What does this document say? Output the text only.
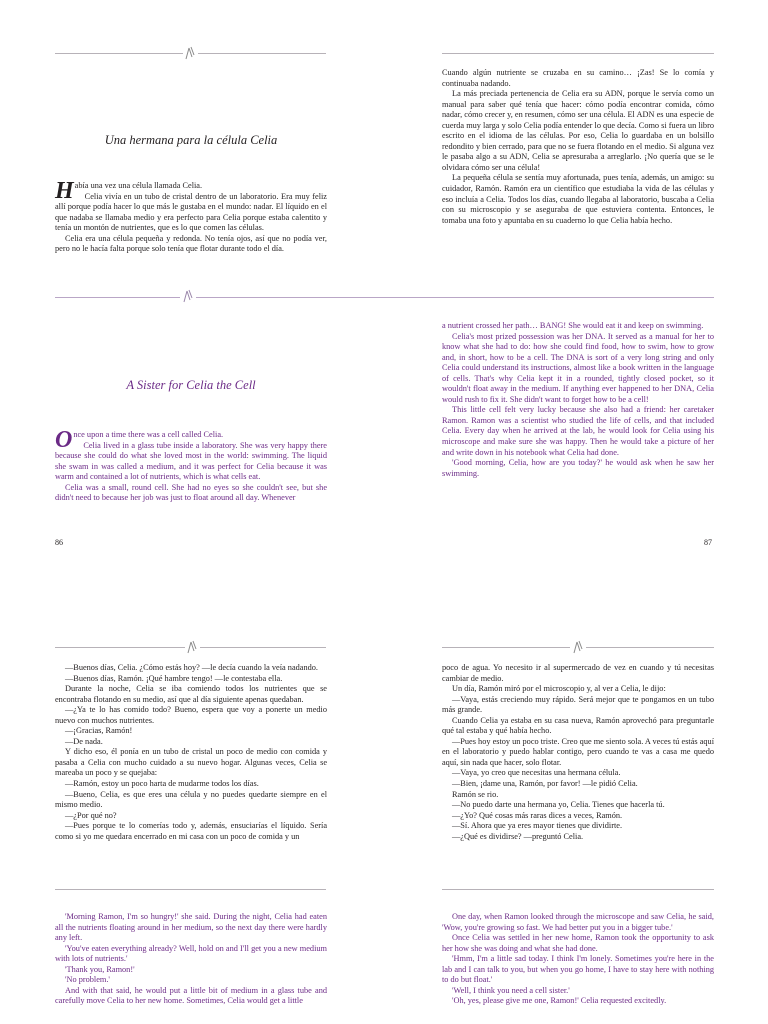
Una hermana para la célula Celia

Había una vez una célula llamada Celia.

Celia vivía en un tubo de cristal dentro de un laboratorio. Era muy feliz allí porque podía hacer lo que más le gustaba en el mundo: nadar. El líquido en el que nadaba se llamaba medio y era perfecto para Celia porque estaba calentito y tenía un montón de nutrientes, que es lo que comen las células.

Celia era una célula pequeña y redonda. No tenía ojos, así que no podía ver, pero no le hacía falta porque solo tenía que flotar durante todo el día.

Cuando algún nutriente se cruzaba en su camino… ¡Zas! Se lo comía y continuaba nadando.

La más preciada pertenencia de Celia era su ADN, porque le servía como un manual para saber qué tenía que hacer: cómo podía encontrar comida, cómo nadar, cómo crecer y, en resumen, cómo ser una célula. El ADN es una especie de cuerda muy larga y solo Celia podía entender lo que decía. Como si fuera un libro escrito en el idioma de las células. Por eso, Celia lo guardaba en un bolsillo redondito y bien cerrado, para que no se fuera flotando en el medio. Si alguna vez le pasaba algo a su ADN, Celia se apresuraba a arreglarlo. ¡No quería que se le olvidara cómo ser una célula!

La pequeña célula se sentía muy afortunada, pues tenía, además, un amigo: su cuidador, Ramón. Ramón era un científico que estudiaba la vida de las células y eso incluía a Celia. Todos los días, cuando llegaba al laboratorio, buscaba a Celia con su microscopio y se aseguraba de que estuviera contenta. Entonces, le tomaba una foto y apuntaba en su cuaderno lo que Celia había hecho.

A Sister for Celia the Cell

Once upon a time there was a cell called Celia.

Celia lived in a glass tube inside a laboratory. She was very happy there because she could do what she loved most in the world: swimming. The liquid she swam in was called a medium, and it was perfect for Celia because it was warm and contained a lot of nutrients, which is what cells eat.

Celia was a small, round cell. She had no eyes so she couldn't see, but she didn't need to because her job was just to float around all day. Whenever

a nutrient crossed her path… BANG! She would eat it and keep on swimming.

Celia's most prized possession was her DNA. It served as a manual for her to know what she had to do: how she could find food, how to swim, how to grow and, in short, how to be a cell. The DNA is sort of a very long string and only Celia could understand its instructions, almost like a book written in the language of cells. That's why Celia kept it in a rounded, tightly closed pocket, so it wouldn't float away in the medium. If anything ever happened to her DNA, Celia would rush to fix it. She didn't want to forget how to be a cell!

This little cell felt very lucky because she also had a friend: her caretaker Ramon. Ramon was a scientist who studied the life of cells, and that included Celia. Every day when he arrived at the lab, he would look for Celia using his microscope and make sure she was happy. Then he would take a picture of her and write down in his notebook what Celia had done.

'Good morning, Celia, how are you today?' he would ask when he saw her swimming.

86	87

—Buenos días, Celia. ¿Cómo estás hoy? —le decía cuando la veía nadando.

—Buenos días, Ramón. ¡Qué hambre tengo! —le contestaba ella.

Durante la noche, Celia se iba comiendo todos los nutrientes que se encontraba flotando en su medio, así que al día siguiente apenas quedaban.

—¿Ya te lo has comido todo? Bueno, espera que voy a ponerte un medio nuevo con muchos nutrientes.

—¡Gracias, Ramón!

—De nada.

Y dicho eso, él ponía en un tubo de cristal un poco de medio con comida y pasaba a Celia con mucho cuidado a su nuevo hogar. Algunas veces, Celia se mareaba un poco y se quejaba:

—Ramón, estoy un poco harta de mudarme todos los días.

—Bueno, Celia, es que eres una célula y no puedes quedarte siempre en el mismo medio.

—¿Por qué no?

—Pues porque te lo comerías todo y, además, ensuciarías el líquido. Sería como si yo me quedara encerrado en mi casa con un poco de comida y un

poco de agua. Yo necesito ir al supermercado de vez en cuando y tú necesitas cambiar de medio.

Un día, Ramón miró por el microscopio y, al ver a Celia, le dijo:

—Vaya, estás creciendo muy rápido. Será mejor que te pongamos en un tubo más grande.

Cuando Celia ya estaba en su casa nueva, Ramón aprovechó para preguntarle qué tal estaba y qué había hecho.

—Pues hoy estoy un poco triste. Creo que me siento sola. A veces tú estás aquí en el laboratorio y puedo hablar contigo, pero cuando te vas a casa me quedo aquí, sin nada que hacer, solo flotar.

—Vaya, yo creo que necesitas una hermana célula.

—Bien, ¡dame una, Ramón, por favor! —le pidió Celia.

Ramón se rio.

—No puedo darte una hermana yo, Celia. Tienes que hacerla tú.

—¿Yo? Qué cosas más raras dices a veces, Ramón.

—Sí. Ahora que ya eres mayor tienes que dividirte.

—¿Qué es dividirse? —preguntó Celia.

'Morning Ramon, I'm so hungry!' she said. During the night, Celia had eaten all the nutrients floating around in her medium, so the next day there were hardly any left.

'You've eaten everything already? Well, hold on and I'll get you a new medium with lots of nutrients.'

'Thank you, Ramon!'

'No problem.'

And with that said, he would put a little bit of medium in a glass tube and carefully move Celia to her new home. Sometimes, Celia would get a little

One day, when Ramon looked through the microscope and saw Celia, he said, 'Wow, you're growing so fast. We had better put you in a bigger tube.'

Once Celia was settled in her new home, Ramon took the opportunity to ask her how she was doing and what she had done.

'Hmm, I'm a little sad today. I think I'm lonely. Sometimes you're here in the lab and I can talk to you, but when you go home, I have to stay here with nothing to do but float.'

'Well, I think you need a cell sister.'

'Oh, yes, please give me one, Ramon!' Celia requested excitedly.
